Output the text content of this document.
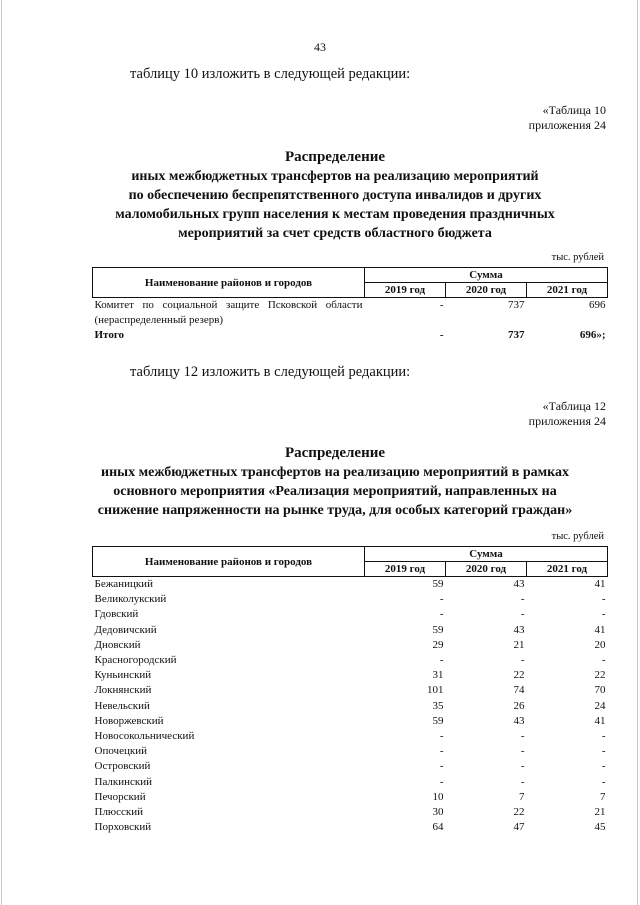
43
таблицу 10 изложить в следующей редакции:
«Таблица 10
приложения 24
Распределение
иных межбюджетных трансфертов на реализацию мероприятий
по обеспечению беспрепятственного доступа инвалидов и других
маломобильных групп населения к местам проведения праздничных
мероприятий за счет средств областного бюджета
тыс. рублей
Наименование районов и городов	Сумма		
	2019 год	2020 год	2021 год
Комитет по социальной защите Псковской области (нераспределенный резерв)	-	737	696
Итого	-	737	696»;
таблицу 12 изложить в следующей редакции:
«Таблица 12
приложения 24
Распределение
иных межбюджетных трансфертов на реализацию мероприятий в рамках
основного мероприятия «Реализация мероприятий, направленных на
снижение напряженности на рынке труда, для особых категорий граждан»
тыс. рублей
Наименование районов и городов	Сумма		
	2019 год	2020 год	2021 год
Бежаницкий	59	43	41
Великолукский	-	-	-
Гдовский	-	-	-
Дедовичский	59	43	41
Дновский	29	21	20
Красногородский	-	-	-
Куньинский	31	22	22
Локнянский	101	74	70
Невельский	35	26	24
Новоржевский	59	43	41
Новосокольнический	-	-	-
Опочецкий	-	-	-
Островский	-	-	-
Палкинский	-	-	-
Печорский	10	7	7
Плюсский	30	22	21
Порховский	64	47	45
